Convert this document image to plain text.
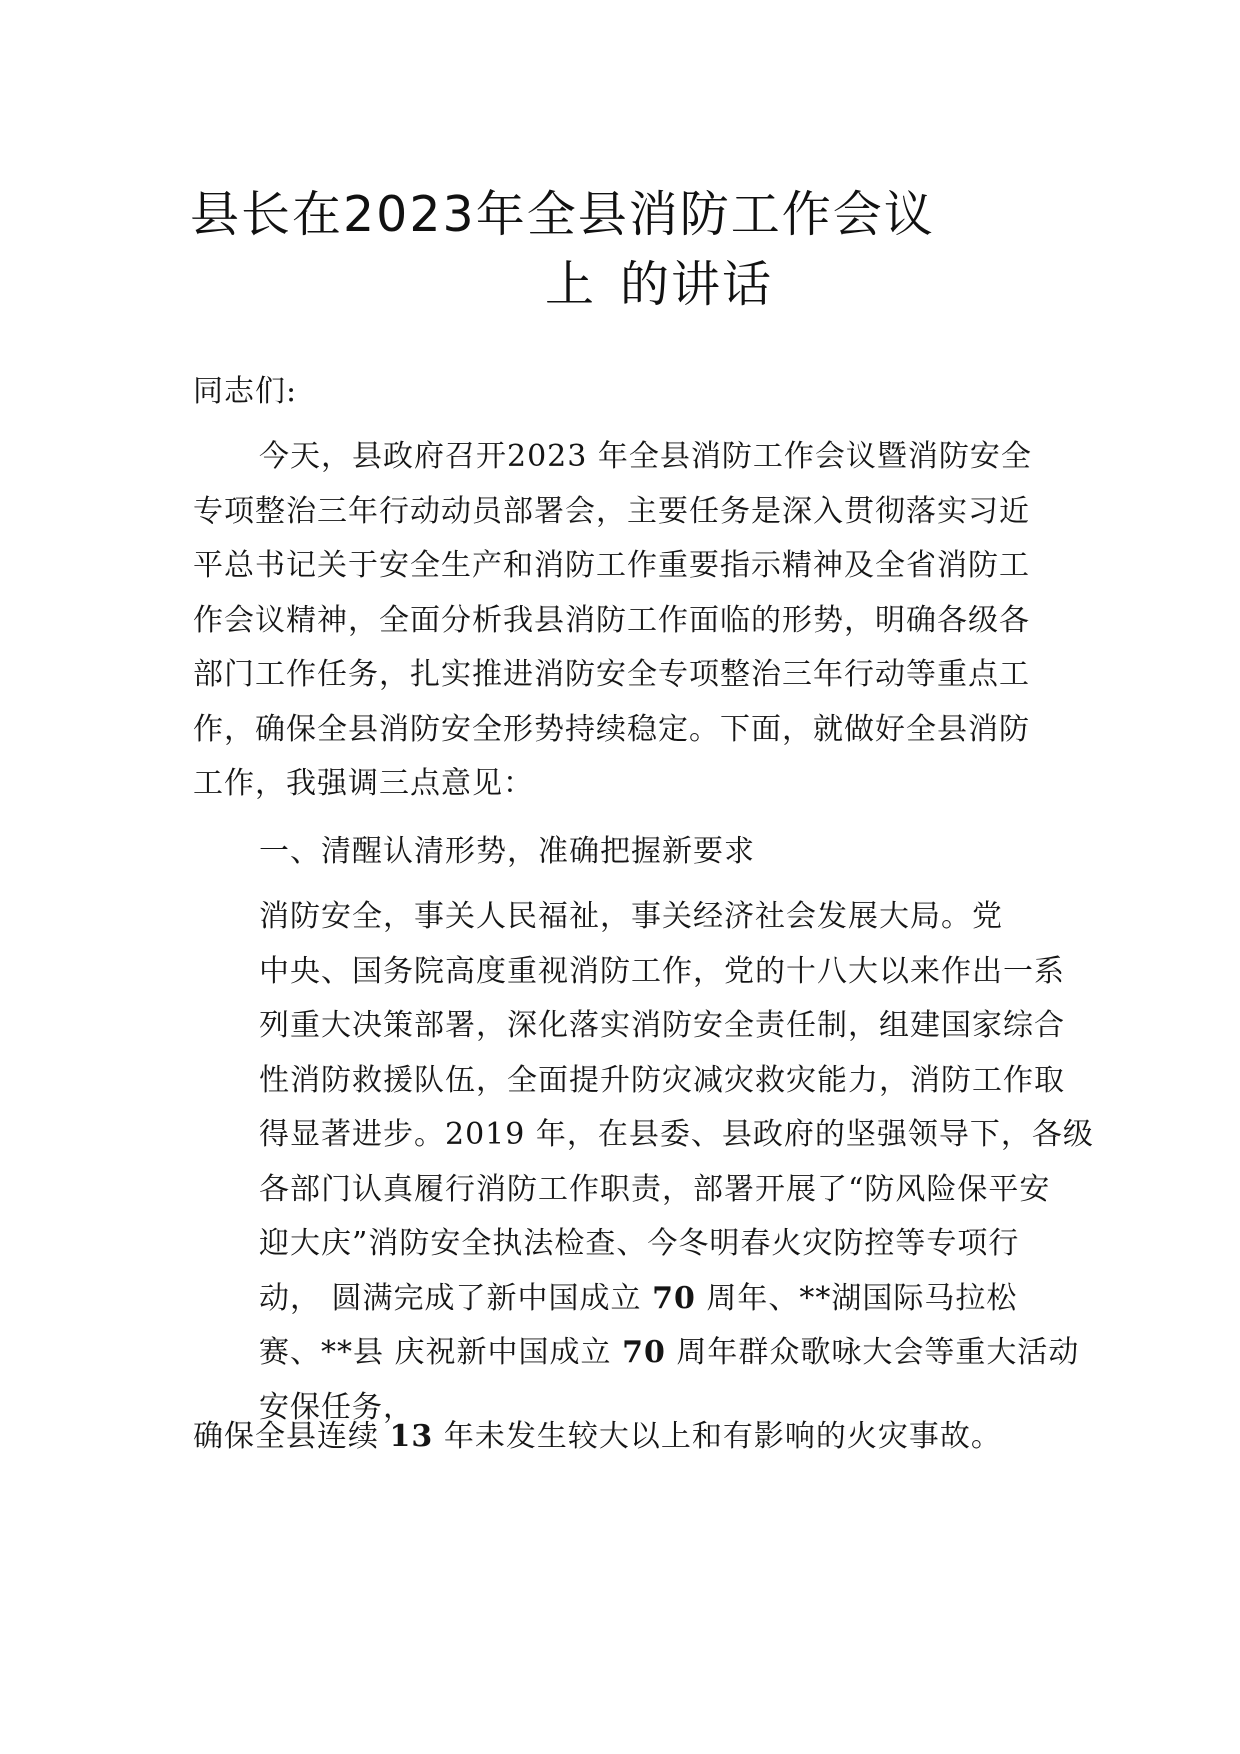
县长在2023年全县消防工作会议
上 的讲话

同志们:

今天，县政府召开2023 年全县消防工作会议暨消防安全专项整治三年行动动员部署会，主要任务是深入贯彻落实习近平总书记关于安全生产和消防工作重要指示精神及全省消防工作会议精神，全面分析我县消防工作面临的形势，明确各级各部门工作任务，扎实推进消防安全专项整治三年行动等重点工作，确保全县消防安全形势持续稳定。下面，就做好全县消防工作，我强调三点意见：

一、清醒认清形势，准确把握新要求

消防安全，事关人民福祉，事关经济社会发展大局。党
中央、国务院高度重视消防工作，党的十八大以来作出一系
列重大决策部署，深化落实消防安全责任制，组建国家综合
性消防救援队伍，全面提升防灾减灾救灾能力，消防工作取
得显著进步。2019 年，在县委、县政府的坚强领导下，各级
各部门认真履行消防工作职责，部署开展了“防风险保平安
迎大庆”消防安全执法检查、今冬明春火灾防控等专项行
动， 圆满完成了新中国成立 70 周年、**湖国际马拉松
赛、**县 庆祝新中国成立 70 周年群众歌咏大会等重大活动
安保任务，
确保全县连续 13 年未发生较大以上和有影响的火灾事故。
